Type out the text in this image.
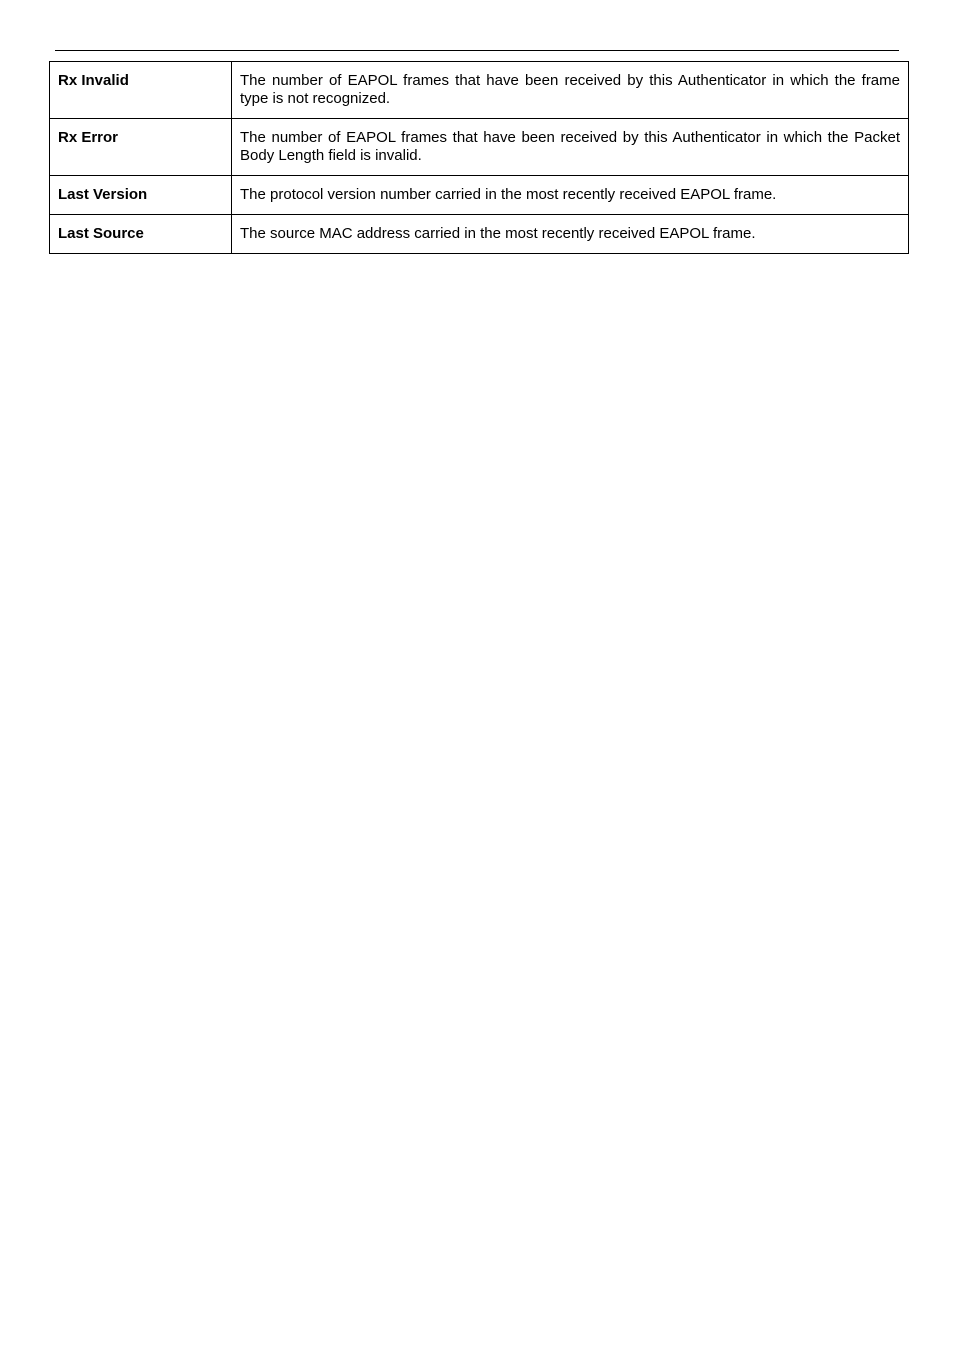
Rx Invalid	The number of EAPOL frames that have been received by this Authenticator in which the frame type is not recognized.
Rx Error	The number of EAPOL frames that have been received by this Authenticator in which the Packet Body Length field is invalid.
Last Version	The protocol version number carried in the most recently received EAPOL frame.
Last Source	The source MAC address carried in the most recently received EAPOL frame.
